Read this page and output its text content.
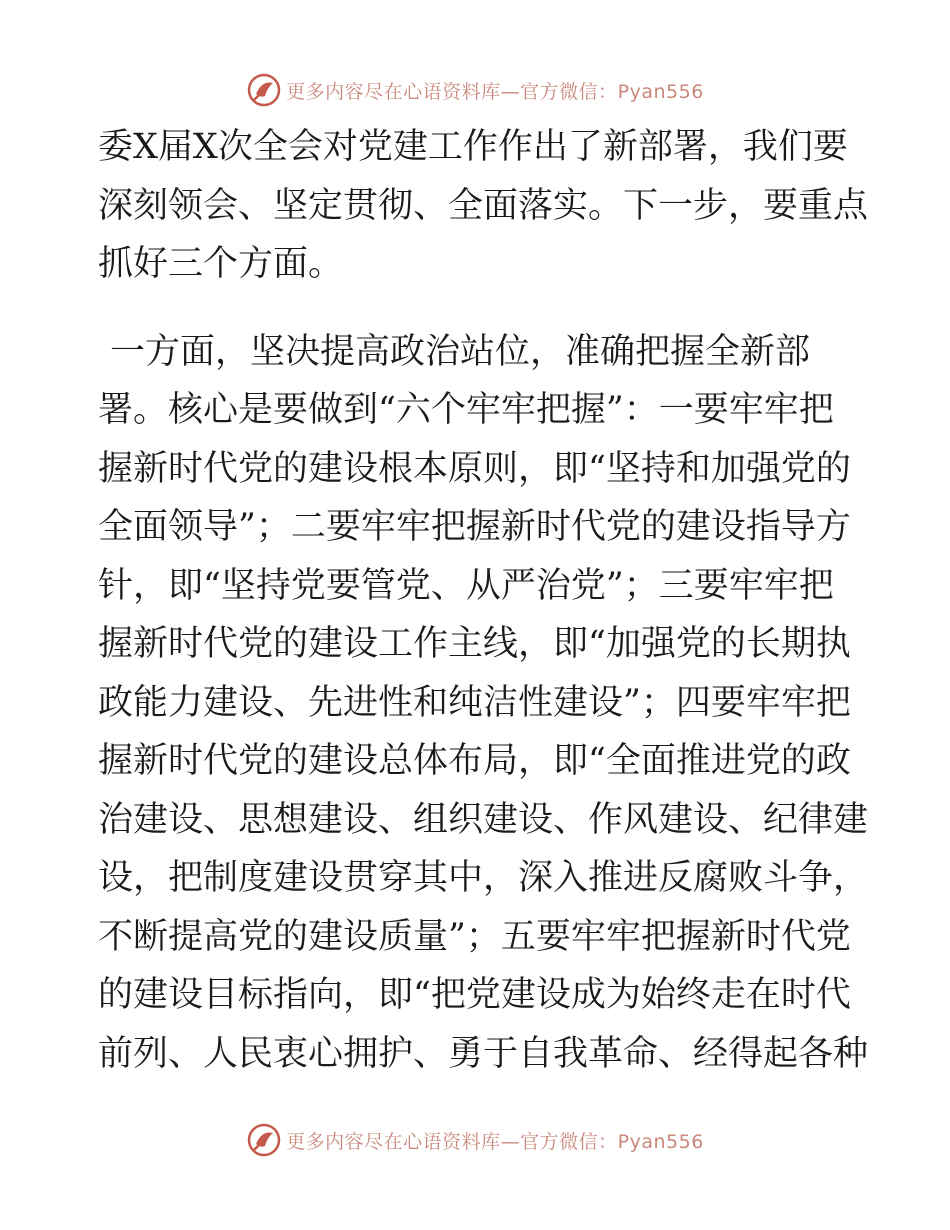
更多内容尽在心语资料库—官方微信：Pyan556
委X届X次全会对党建工作作出了新部署，我们要
深刻领会、坚定贯彻、全面落实。下一步，要重点
抓好三个方面。
一方面，坚决提高政治站位，准确把握全新部
署。核心是要做到“六个牢牢把握”：一要牢牢把
握新时代党的建设根本原则，即“坚持和加强党的
全面领导”；二要牢牢把握新时代党的建设指导方
针，即“坚持党要管党、从严治党”；三要牢牢把
握新时代党的建设工作主线，即“加强党的长期执
政能力建设、先进性和纯洁性建设”；四要牢牢把
握新时代党的建设总体布局，即“全面推进党的政
治建设、思想建设、组织建设、作风建设、纪律建
设，把制度建设贯穿其中，深入推进反腐败斗争，
不断提高党的建设质量”；五要牢牢把握新时代党
的建设目标指向，即“把党建设成为始终走在时代
前列、人民衷心拥护、勇于自我革命、经得起各种
更多内容尽在心语资料库—官方微信：Pyan556
